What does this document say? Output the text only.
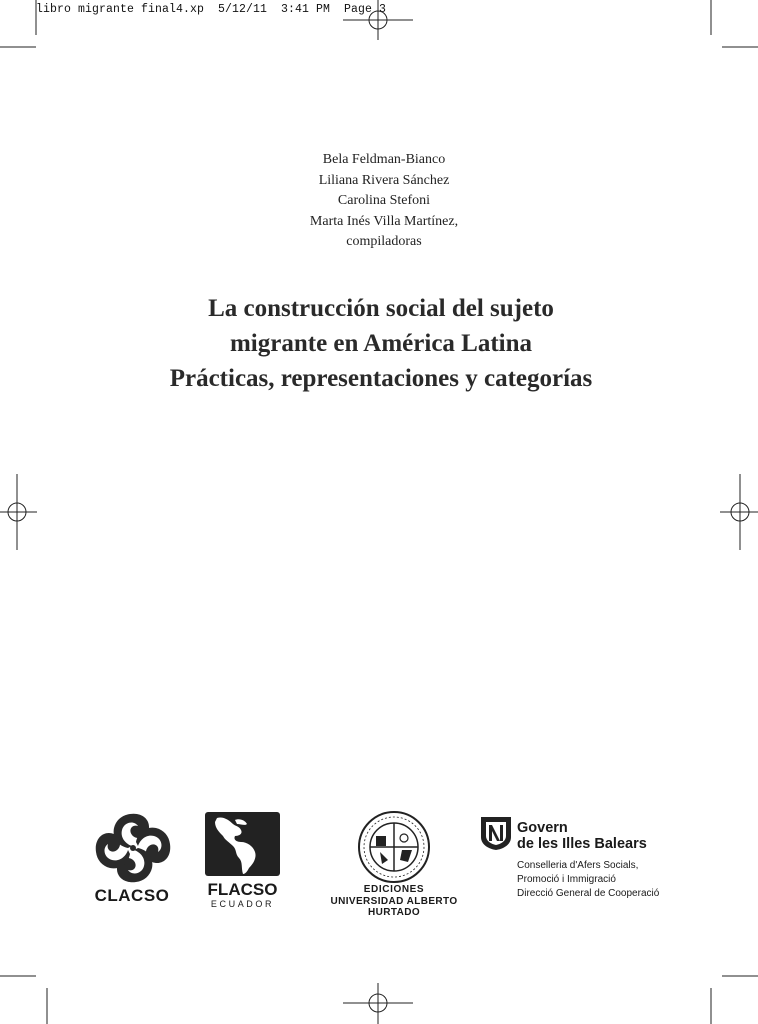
libro migrante final4.xp  5/12/11  3:41 PM  Page 3
Bela Feldman-Bianco
Liliana Rivera Sánchez
Carolina Stefoni
Marta Inés Villa Martínez,
compiladoras
La construcción social del sujeto
migrante en América Latina
Prácticas, representaciones y categorías
CLACSO	FLACSO
ECUADOR
EDICIONES
UNIVERSIDAD ALBERTO HURTADO
Govern
de les Illes Balears
Conselleria d'Afers Socials,
Promoció i Immigració
Direcció General de Cooperació
